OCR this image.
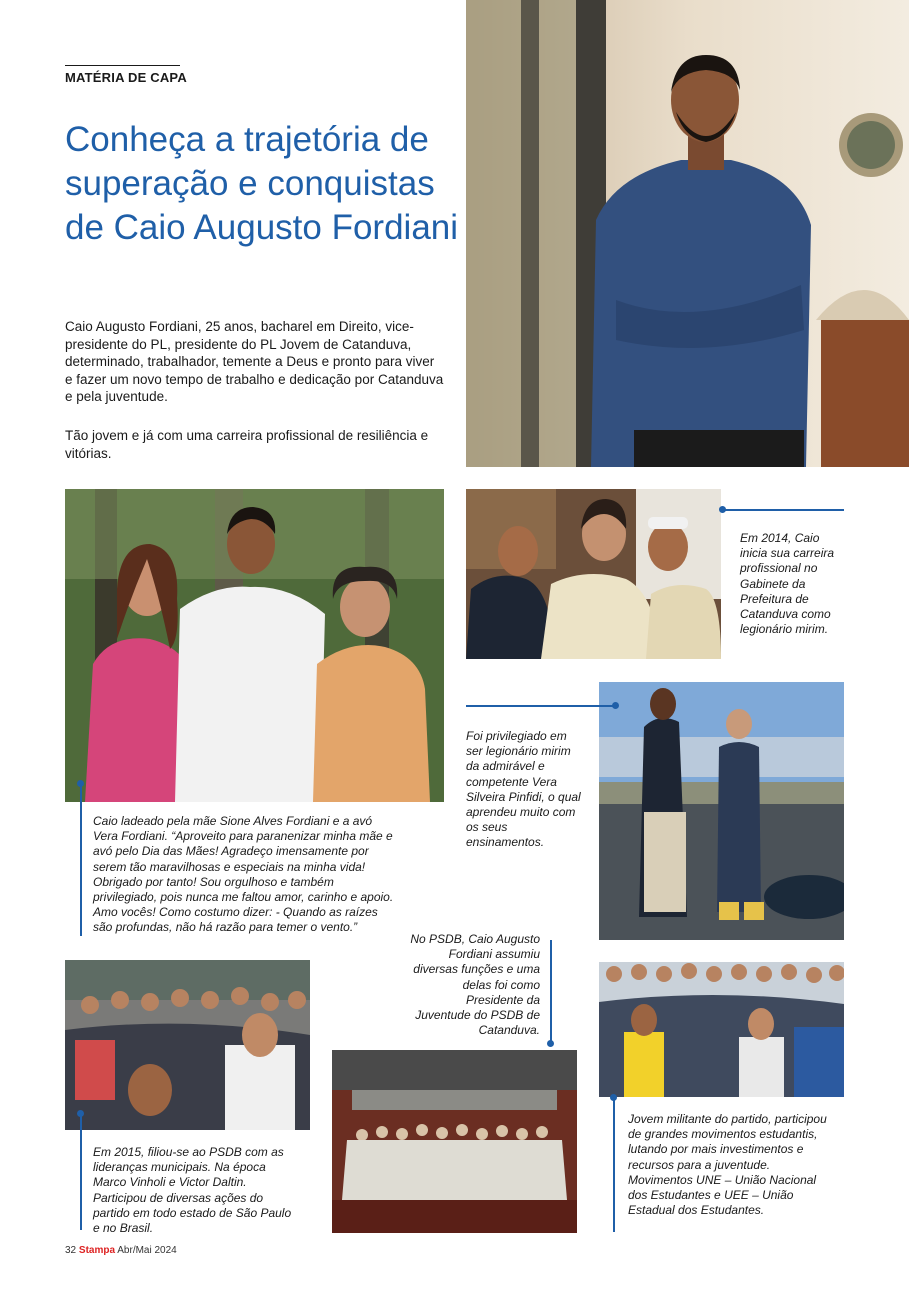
MATÉRIA DE CAPA
Conheça a trajetória de superação e conquistas de Caio Augusto Fordiani

Caio Augusto Fordiani, 25 anos, bacharel em Direito, vice-presidente do PL, presidente do PL Jovem de Catanduva, determinado, trabalhador, temente a Deus e pronto para viver e fazer um novo tempo de trabalho e dedicação por Catanduva e pela juventude.

Tão jovem e já com uma carreira profissional de resiliência e vitórias.

Caio ladeado pela mãe Sione Alves Fordiani e a avó Vera Fordiani. “Aproveito para paranenizar minha mãe e avó pelo Dia das Mães! Agradeço imensamente por serem tão maravilhosas e especiais na minha vida! Obrigado por tanto! Sou orgulhoso e também privilegiado, pois nunca me faltou amor, carinho e apoio. Amo vocês! Como costumo dizer: - Quando as raízes são profundas, não há razão para temer o vento.”

Em 2014, Caio inicia sua carreira profissional no Gabinete da Prefeitura de Catanduva como legionário mirim.

Foi privilegiado em ser legionário mirim da admirável e competente Vera Silveira Pinfidi, o qual aprendeu muito com os seus ensinamentos.

No PSDB, Caio Augusto Fordiani assumiu diversas funções e uma delas foi como Presidente da Juventude do PSDB de Catanduva.

Em 2015, filiou-se ao PSDB com as lideranças municipais. Na época Marco Vinholi e Victor Daltin. Participou de diversas ações do partido em todo estado de São Paulo e no Brasil.

Jovem militante do partido, participou de grandes movimentos estudantis, lutando por mais investimentos e recursos para a juventude. Movimentos UNE – União Nacional dos Estudantes e UEE – União Estadual dos Estudantes.

32 Stampa Abr/Mai 2024
